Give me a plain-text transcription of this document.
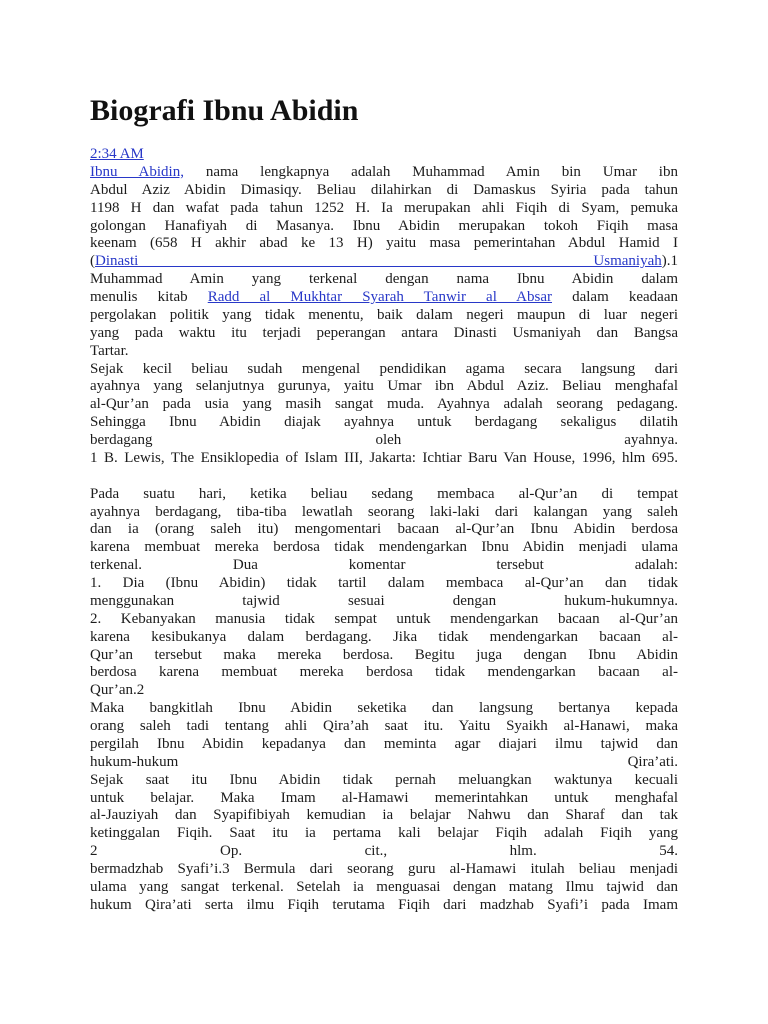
Biografi Ibnu Abidin
2:34 AM
Ibnu Abidin, nama lengkapnya adalah Muhammad Amin bin Umar ibn
Abdul Aziz Abidin Dimasiqy. Beliau dilahirkan di Damaskus Syiria pada tahun
1198 H dan wafat pada tahun 1252 H. Ia merupakan ahli Fiqih di Syam, pemuka
golongan Hanafiyah di Masanya. Ibnu Abidin merupakan tokoh Fiqih masa
keenam (658 H akhir abad ke 13 H) yaitu masa pemerintahan Abdul Hamid I
(Dinasti Usmaniyah).1
Muhammad Amin yang terkenal dengan nama Ibnu Abidin dalam
menulis kitab Radd al Mukhtar Syarah Tanwir al Absar dalam keadaan
pergolakan politik yang tidak menentu, baik dalam negeri maupun di luar negeri
yang pada waktu itu terjadi peperangan antara Dinasti Usmaniyah dan Bangsa
Tartar.
Sejak kecil beliau sudah mengenal pendidikan agama secara langsung dari
ayahnya yang selanjutnya gurunya, yaitu Umar ibn Abdul Aziz. Beliau menghafal
al-Qur’an pada usia yang masih sangat muda. Ayahnya adalah seorang pedagang.
Sehingga Ibnu Abidin diajak ayahnya untuk berdagang sekaligus dilatih
berdagang oleh ayahnya.
1 B. Lewis, The Ensiklopedia of Islam III, Jakarta: Ichtiar Baru Van House, 1996, hlm 695.
Pada suatu hari, ketika beliau sedang membaca al-Qur’an di tempat
ayahnya berdagang, tiba-tiba lewatlah seorang laki-laki dari kalangan yang saleh
dan ia (orang saleh itu) mengomentari bacaan al-Qur’an Ibnu Abidin berdosa
karena membuat mereka berdosa tidak mendengarkan Ibnu Abidin menjadi ulama
terkenal. Dua komentar tersebut adalah:
1. Dia (Ibnu Abidin) tidak tartil dalam membaca al-Qur’an dan tidak
menggunakan tajwid sesuai dengan hukum-hukumnya.
2. Kebanyakan manusia tidak sempat untuk mendengarkan bacaan al-Qur’an
karena kesibukanya dalam berdagang. Jika tidak mendengarkan bacaan al-
Qur’an tersebut maka mereka berdosa. Begitu juga dengan Ibnu Abidin
berdosa karena membuat mereka berdosa tidak mendengarkan bacaan al-
Qur’an.2
Maka bangkitlah Ibnu Abidin seketika dan langsung bertanya kepada
orang saleh tadi tentang ahli Qira’ah saat itu. Yaitu Syaikh al-Hanawi, maka
pergilah Ibnu Abidin kepadanya dan meminta agar diajari ilmu tajwid dan
hukum-hukum Qira’ati.
Sejak saat itu Ibnu Abidin tidak pernah meluangkan waktunya kecuali
untuk belajar. Maka Imam al-Hamawi memerintahkan untuk menghafal
al-Jauziyah dan Syapifibiyah kemudian ia belajar Nahwu dan Sharaf dan tak
ketinggalan Fiqih. Saat itu ia pertama kali belajar Fiqih adalah Fiqih yang
2 Op. cit., hlm. 54.
bermadzhab Syafi’i.3 Bermula dari seorang guru al-Hamawi itulah beliau menjadi
ulama yang sangat terkenal. Setelah ia menguasai dengan matang Ilmu tajwid dan
hukum Qira’ati serta ilmu Fiqih terutama Fiqih dari madzhab Syafi’i pada Imam
